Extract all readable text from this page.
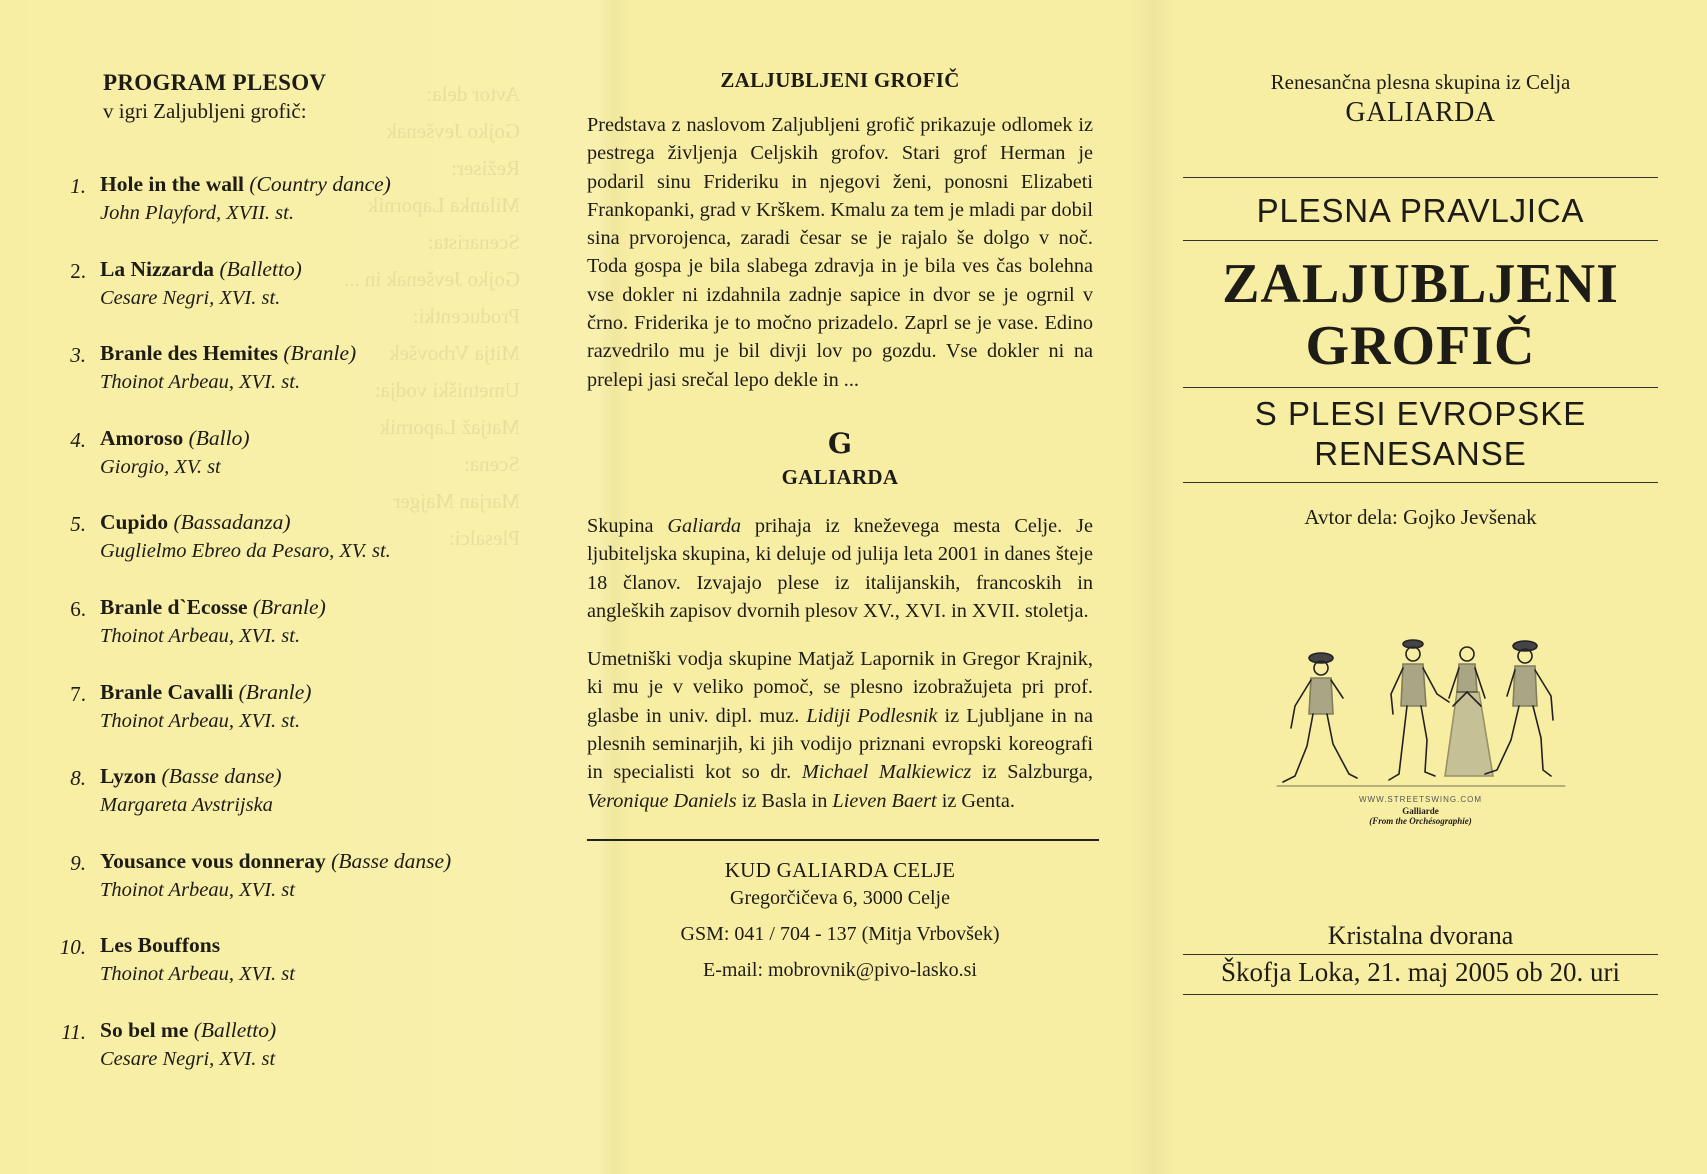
Avtor dela:
Gojko Jevšenak
Režiser:
Milanka Lapornik
Scenarista:
Gojko Jevšenak in ...
Producentki:
Mitja Vrbovšek
Umetniški vodja:
Matjaž Lapornik
Scena:
Marjan Majger
Plesalci:
PROGRAM PLESOV
v igri Zaljubljeni grofič:
1. Hole in the wall (Country dance)
John Playford, XVII. st.
2. La Nizzarda (Balletto)
Cesare Negri, XVI. st.
3. Branle des Hemites (Branle)
Thoinot Arbeau, XVI. st.
4. Amoroso (Ballo)
Giorgio, XV. st
5. Cupido (Bassadanza)
Guglielmo Ebreo da Pesaro, XV. st.
6. Branle d`Ecosse (Branle)
Thoinot Arbeau, XVI. st.
7. Branle Cavalli (Branle)
Thoinot Arbeau, XVI. st.
8. Lyzon (Basse danse)
Margareta Avstrijska
9. Yousance vous donneray (Basse danse)
Thoinot Arbeau, XVI. st
10. Les Bouffons
Thoinot Arbeau, XVI. st
11. So bel me (Balletto)
Cesare Negri, XVI. st
ZALJUBLJENI GROFIČ

Predstava z naslovom Zaljubljeni grofič prikazuje odlomek iz pestrega življenja Celjskih grofov. Stari grof Herman je podaril sinu Frideriku in njegovi ženi, ponosni Elizabeti Frankopanki, grad v Krškem. Kmalu za tem je mladi par dobil sina prvorojenca, zaradi česar se je rajalo še dolgo v noč. Toda gospa je bila slabega zdravja in je bila ves čas bolehna vse dokler ni izdahnila zadnje sapice in dvor se je ogrnil v črno. Friderika je to močno prizadelo. Zaprl se je vase. Edino razvedrilo mu je bil divji lov po gozdu. Vse dokler ni na prelepi jasi srečal lepo dekle in ...

G
GALIARDA

Skupina Galiarda prihaja iz kneževega mesta Celje. Je ljubiteljska skupina, ki deluje od julija leta 2001 in danes šteje 18 članov. Izvajajo plese iz italijanskih, francoskih in angleških zapisov dvornih plesov XV., XVI. in XVII. stoletja.

Umetniški vodja skupine Matjaž Lapornik in Gregor Krajnik, ki mu je v veliko pomoč, se plesno izobražujeta pri prof. glasbe in univ. dipl. muz. Lidiji Podlesnik iz Ljubljane in na plesnih seminarjih, ki jih vodijo priznani evropski koreografi in specialisti kot so dr. Michael Malkiewicz iz Salzburga, Veronique Daniels iz Basla in Lieven Baert iz Genta.

KUD GALIARDA CELJE
Gregorčičeva 6, 3000 Celje
GSM: 041 / 704 - 137 (Mitja Vrbovšek)
E-mail: mobrovnik@pivo-lasko.si
Renesančna plesna skupina iz Celja
GALIARDA
PLESNA PRAVLJICA
ZALJUBLJENI
GROFIČ
S PLESI EVROPSKE
RENESANSE
Avtor dela: Gojko Jevšenak
WWW.STREETSWING.COM
Galliarde
(From the Orchésographie)
Kristalna dvorana
Škofja Loka, 21. maj 2005 ob 20. uri
